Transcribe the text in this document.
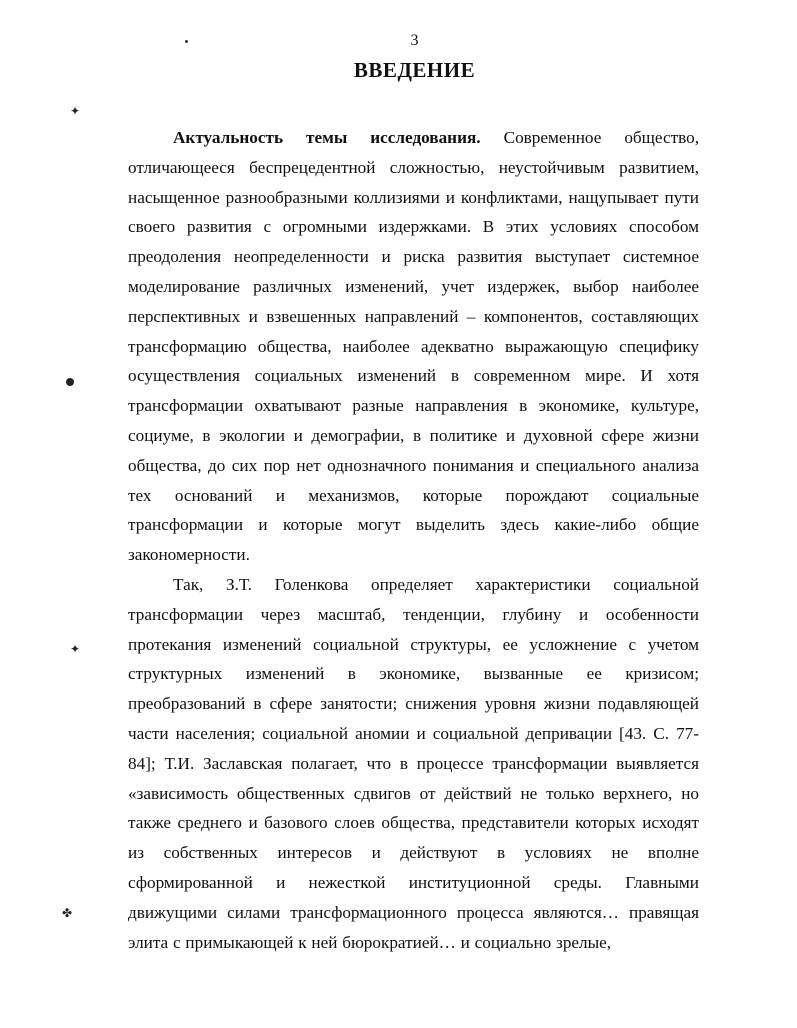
3
ВВЕДЕНИЕ
✦
✦
✤

Актуальность темы исследования. Современное общество, отличающееся беспрецедентной сложностью, неустойчивым развитием, насыщенное разнообразными коллизиями и конфликтами, нащупывает пути своего развития с огромными издержками. В этих условиях способом преодоления неопределенности и риска развития выступает системное моделирование различных изменений, учет издержек, выбор наиболее перспективных и взвешенных направлений – компонентов, составляющих трансформацию общества, наиболее адекватно выражающую специфику осуществления социальных изменений в современном мире. И хотя трансформации охватывают разные направления в экономике, культуре, социуме, в экологии и демографии, в политике и духовной сфере жизни общества, до сих пор нет однозначного понимания и специального анализа тех оснований и механизмов, которые порождают социальные трансформации и которые могут выделить здесь какие-либо общие закономерности.

Так, З.Т. Голенкова определяет характеристики социальной трансформации через масштаб, тенденции, глубину и особенности протекания изменений социальной структуры, ее усложнение с учетом структурных изменений в экономике, вызванные ее кризисом; преобразований в сфере занятости; снижения уровня жизни подавляющей части населения; социальной аномии и социальной депривации [43. С. 77-84]; Т.И. Заславская полагает, что в процессе трансформации выявляется «зависимость общественных сдвигов от действий не только верхнего, но также среднего и базового слоев общества, представители которых исходят из собственных интересов и действуют в условиях не вполне сформированной и нежесткой институционной среды. Главными движущими силами трансформационного процесса являются… правящая элита с примыкающей к ней бюрократией… и социально зрелые,
